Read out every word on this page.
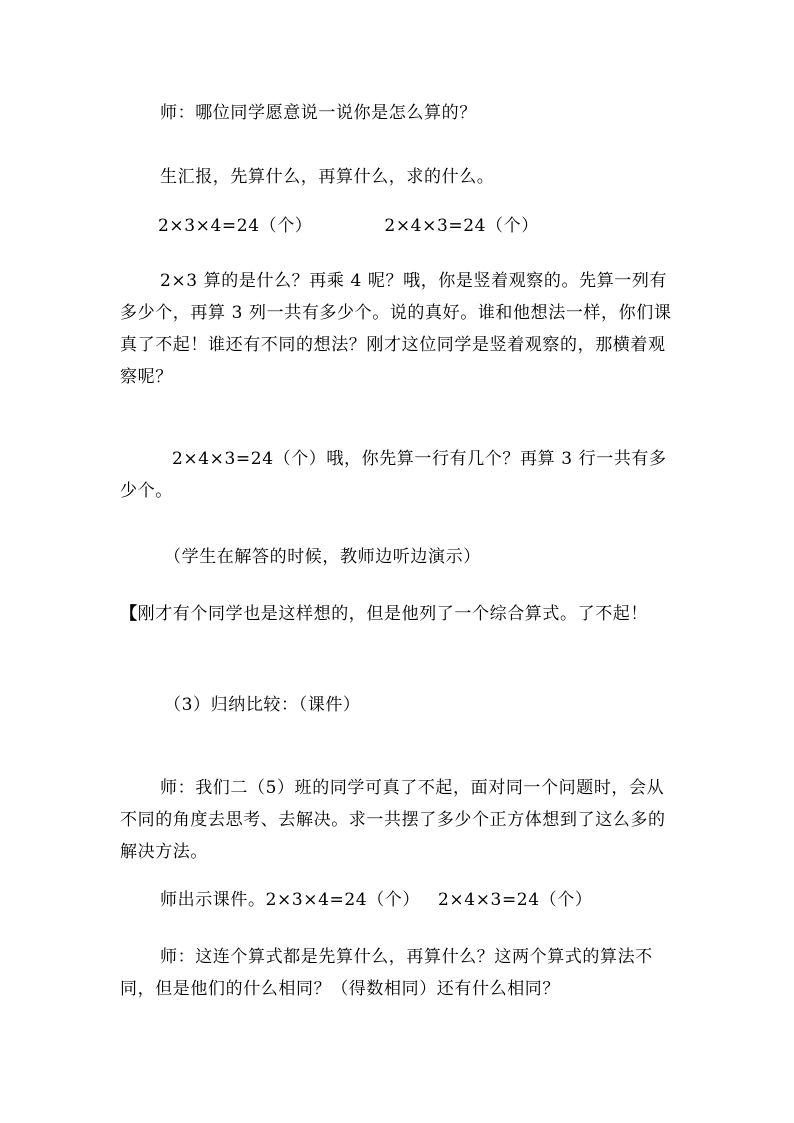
师：哪位同学愿意说一说你是怎么算的？

生汇报，先算什么，再算什么，求的什么。

2×3×4=24（个）	2×4×3=24（个）

2×3 算的是什么？再乘 4 呢？哦，你是竖着观察的。先算一列有多少个，再算 3 列一共有多少个。说的真好。谁和他想法一样，你们课真了不起！谁还有不同的想法？刚才这位同学是竖着观察的，那横着观察呢？

2×4×3=24（个）哦，你先算一行有几个？再算 3 行一共有多少个。

（学生在解答的时候，教师边听边演示）

【刚才有个同学也是这样想的，但是他列了一个综合算式。了不起！

（3）归纳比较：（课件）

师：我们二（5）班的同学可真了不起，面对同一个问题时，会从不同的角度去思考、去解决。求一共摆了多少个正方体想到了这么多的解决方法。

师出示课件。2×3×4=24（个） 2×4×3=24（个）

师：这连个算式都是先算什么，再算什么？这两个算式的算法不同，但是他们的什么相同？（得数相同）还有什么相同？
